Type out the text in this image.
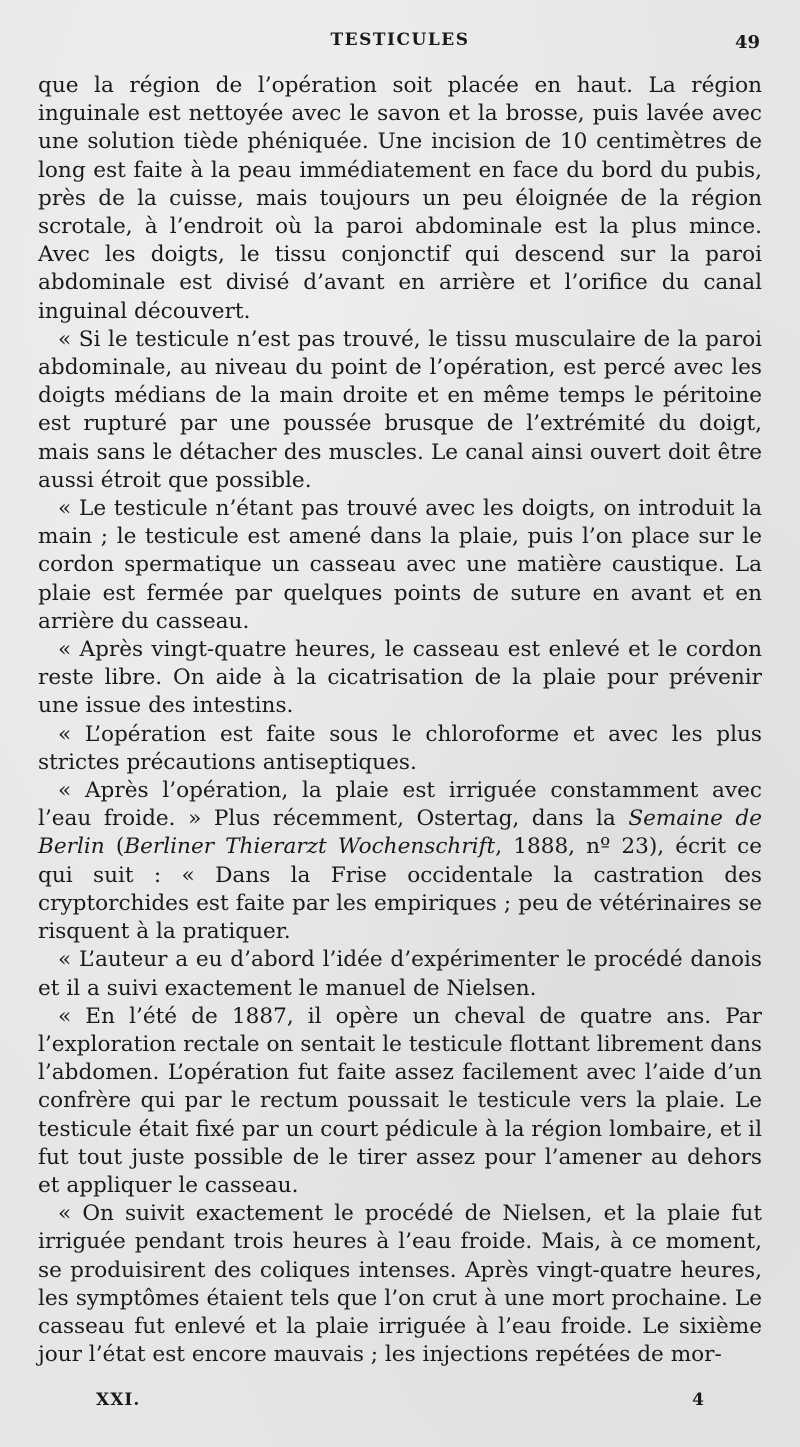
TESTICULES	49

que la région de l’opération soit placée en haut. La région inguinale est nettoyée avec le savon et la brosse, puis lavée avec une solution tiède phéniquée. Une incision de 10 centimètres de long est faite à la peau immédiatement en face du bord du pubis, près de la cuisse, mais toujours un peu éloignée de la région scrotale, à l’endroit où la paroi abdominale est la plus mince. Avec les doigts, le tissu conjonctif qui descend sur la paroi abdominale est divisé d’avant en arrière et l’orifice du canal inguinal découvert.

« Si le testicule n’est pas trouvé, le tissu musculaire de la paroi abdominale, au niveau du point de l’opération, est percé avec les doigts médians de la main droite et en même temps le péritoine est rupturé par une poussée brusque de l’extrémité du doigt, mais sans le détacher des muscles. Le canal ainsi ouvert doit être aussi étroit que possible.

« Le testicule n’étant pas trouvé avec les doigts, on introduit la main ; le testicule est amené dans la plaie, puis l’on place sur le cordon spermatique un casseau avec une matière caustique. La plaie est fermée par quelques points de suture en avant et en arrière du casseau.

« Après vingt-quatre heures, le casseau est enlevé et le cordon reste libre. On aide à la cicatrisation de la plaie pour prévenir une issue des intestins.

« L’opération est faite sous le chloroforme et avec les plus strictes précautions antiseptiques.

« Après l’opération, la plaie est irriguée constamment avec l’eau froide. » Plus récemment, Ostertag, dans la Semaine de Berlin (Berliner Thierarzt Wochenschrift, 1888, nº 23), écrit ce qui suit : « Dans la Frise occidentale la castration des cryptorchides est faite par les empiriques ; peu de vétérinaires se risquent à la pratiquer.

« L’auteur a eu d’abord l’idée d’expérimenter le procédé danois et il a suivi exactement le manuel de Nielsen.

« En l’été de 1887, il opère un cheval de quatre ans. Par l’exploration rectale on sentait le testicule flottant librement dans l’abdomen. L’opération fut faite assez facilement avec l’aide d’un confrère qui par le rectum poussait le testicule vers la plaie. Le testicule était fixé par un court pédicule à la région lombaire, et il fut tout juste possible de le tirer assez pour l’amener au dehors et appliquer le casseau.

« On suivit exactement le procédé de Nielsen, et la plaie fut irriguée pendant trois heures à l’eau froide. Mais, à ce moment, se produisirent des coliques intenses. Après vingt-quatre heures, les symptômes étaient tels que l’on crut à une mort prochaine. Le casseau fut enlevé et la plaie irriguée à l’eau froide. Le sixième jour l’état est encore mauvais ; les injections repétées de mor-

XXI.	4
